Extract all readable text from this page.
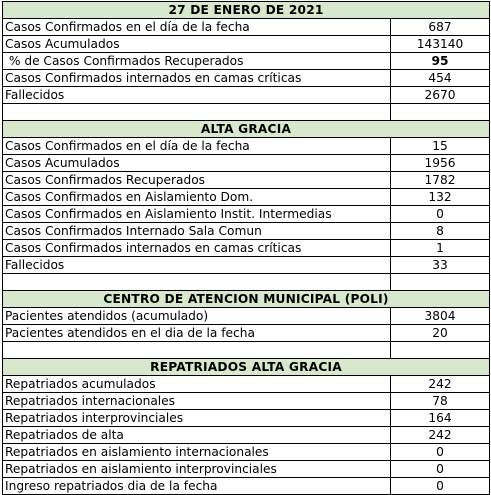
27 DE ENERO DE 2021	
Casos Confirmados en el día de la fecha	687
Casos Acumulados	143140
% de Casos Confirmados Recuperados	95
Casos Confirmados internados en camas críticas	454
Fallecidos	2670

ALTA GRACIA	
Casos Confirmados en el día de la fecha	15
Casos Acumulados	1956
Casos Confirmados Recuperados	1782
Casos Confirmados en Aislamiento Dom.	132
Casos Confirmados en Aislamiento Instit. Intermedias	0
Casos Confirmados Internado Sala Comun	8
Casos Confirmados internados en camas críticas	1
Fallecidos	33

CENTRO DE ATENCION MUNICIPAL (POLI)	
Pacientes atendidos (acumulado)	3804
Pacientes atendidos en el dia de la fecha	20

REPATRIADOS ALTA GRACIA	
Repatriados acumulados	242
Repatriados internacionales	78
Repatriados interprovinciales	164
Repatriados de alta	242
Repatriados en aislamiento internacionales	0
Repatriados en aislamiento interprovinciales	0
Ingreso repatriados dia de la fecha	0
